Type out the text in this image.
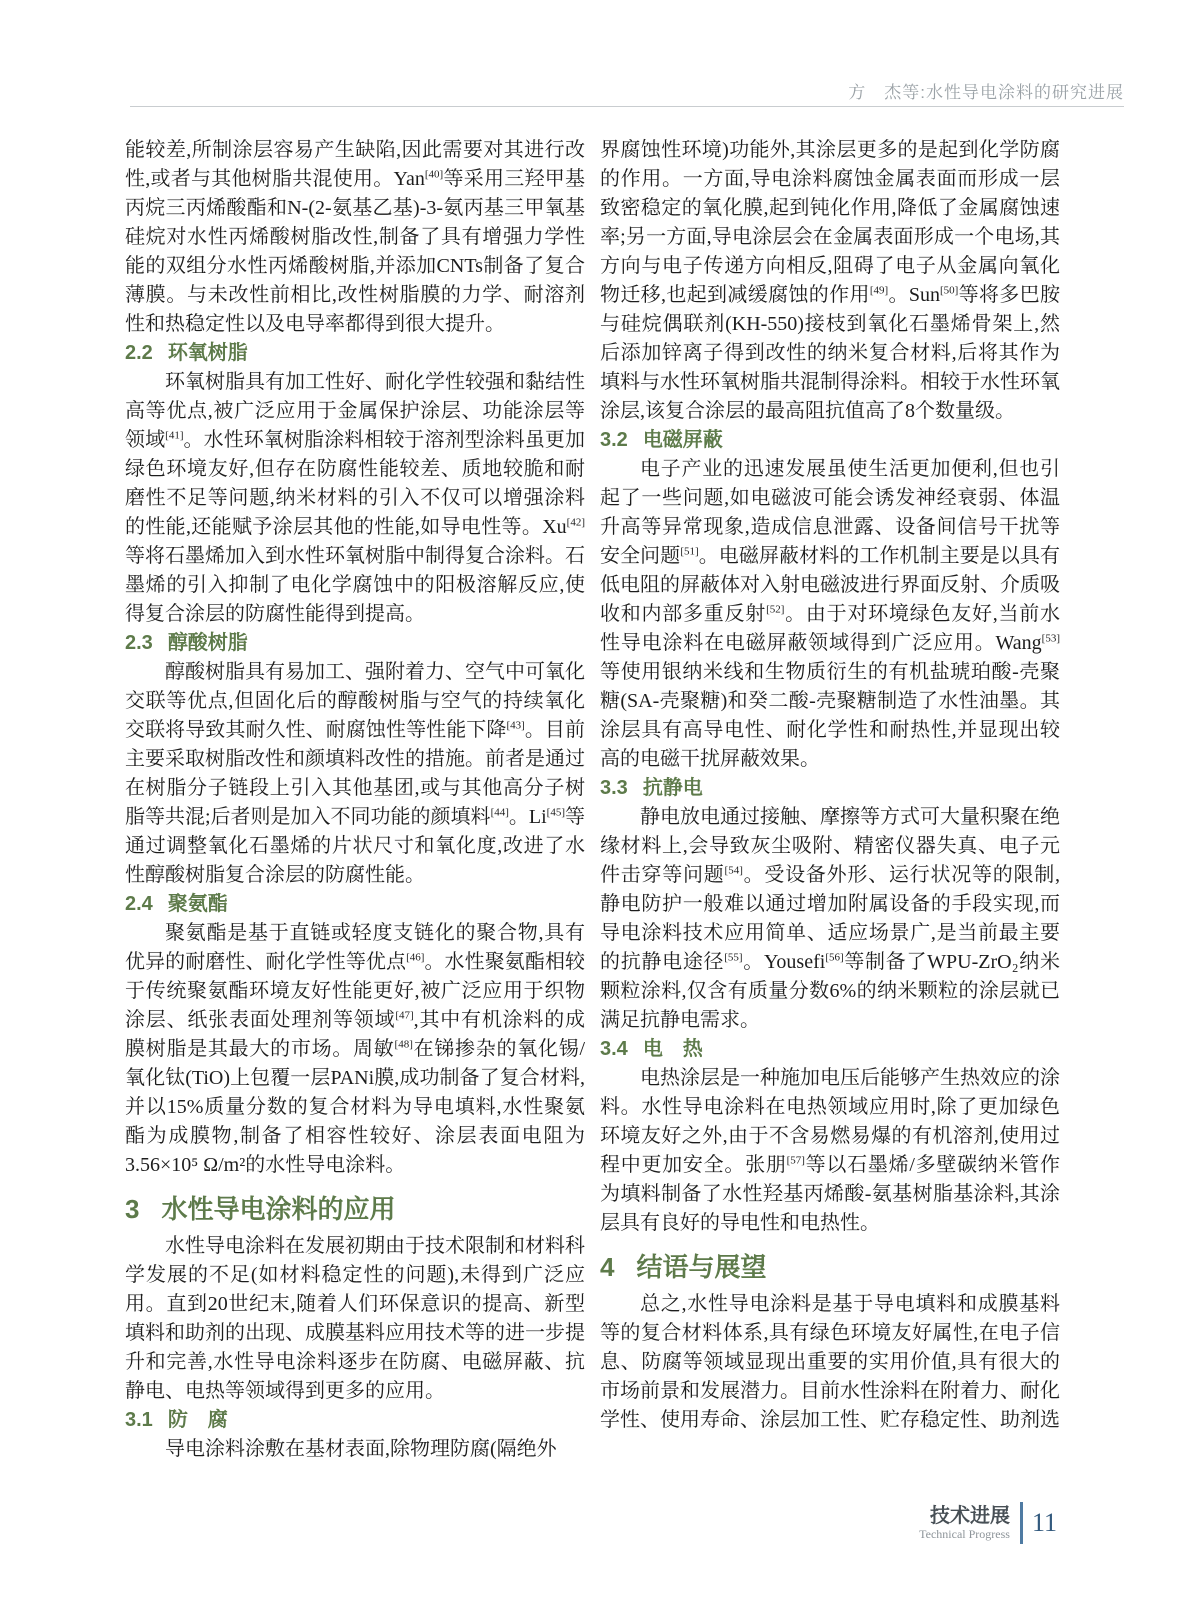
方　杰等:水性导电涂料的研究进展

能较差,所制涂层容易产生缺陷,因此需要对其进行改性,或者与其他树脂共混使用。Yan[40]等采用三羟甲基丙烷三丙烯酸酯和N-(2-氨基乙基)-3-氨丙基三甲氧基硅烷对水性丙烯酸树脂改性,制备了具有增强力学性能的双组分水性丙烯酸树脂,并添加CNTs制备了复合薄膜。与未改性前相比,改性树脂膜的力学、耐溶剂性和热稳定性以及电导率都得到很大提升。

2.2 环氧树脂

环氧树脂具有加工性好、耐化学性较强和黏结性高等优点,被广泛应用于金属保护涂层、功能涂层等领域[41]。水性环氧树脂涂料相较于溶剂型涂料虽更加绿色环境友好,但存在防腐性能较差、质地较脆和耐磨性不足等问题,纳米材料的引入不仅可以增强涂料的性能,还能赋予涂层其他的性能,如导电性等。Xu[42]等将石墨烯加入到水性环氧树脂中制得复合涂料。石墨烯的引入抑制了电化学腐蚀中的阳极溶解反应,使得复合涂层的防腐性能得到提高。

2.3 醇酸树脂

醇酸树脂具有易加工、强附着力、空气中可氧化交联等优点,但固化后的醇酸树脂与空气的持续氧化交联将导致其耐久性、耐腐蚀性等性能下降[43]。目前主要采取树脂改性和颜填料改性的措施。前者是通过在树脂分子链段上引入其他基团,或与其他高分子树脂等共混;后者则是加入不同功能的颜填料[44]。Li[45]等通过调整氧化石墨烯的片状尺寸和氧化度,改进了水性醇酸树脂复合涂层的防腐性能。

2.4 聚氨酯

聚氨酯是基于直链或轻度支链化的聚合物,具有优异的耐磨性、耐化学性等优点[46]。水性聚氨酯相较于传统聚氨酯环境友好性能更好,被广泛应用于织物涂层、纸张表面处理剂等领域[47],其中有机涂料的成膜树脂是其最大的市场。周敏[48]在锑掺杂的氧化锡/氧化钛(TiO)上包覆一层PANi膜,成功制备了复合材料,并以15%质量分数的复合材料为导电填料,水性聚氨酯为成膜物,制备了相容性较好、涂层表面电阻为3.56×10⁵ Ω/m²的水性导电涂料。

3 水性导电涂料的应用

水性导电涂料在发展初期由于技术限制和材料科学发展的不足(如材料稳定性的问题),未得到广泛应用。直到20世纪末,随着人们环保意识的提高、新型填料和助剂的出现、成膜基料应用技术等的进一步提升和完善,水性导电涂料逐步在防腐、电磁屏蔽、抗静电、电热等领域得到更多的应用。

3.1 防　腐

导电涂料涂敷在基材表面,除物理防腐(隔绝外

界腐蚀性环境)功能外,其涂层更多的是起到化学防腐的作用。一方面,导电涂料腐蚀金属表面而形成一层致密稳定的氧化膜,起到钝化作用,降低了金属腐蚀速率;另一方面,导电涂层会在金属表面形成一个电场,其方向与电子传递方向相反,阻碍了电子从金属向氧化物迁移,也起到减缓腐蚀的作用[49]。Sun[50]等将多巴胺与硅烷偶联剂(KH-550)接枝到氧化石墨烯骨架上,然后添加锌离子得到改性的纳米复合材料,后将其作为填料与水性环氧树脂共混制得涂料。相较于水性环氧涂层,该复合涂层的最高阻抗值高了8个数量级。

3.2 电磁屏蔽

电子产业的迅速发展虽使生活更加便利,但也引起了一些问题,如电磁波可能会诱发神经衰弱、体温升高等异常现象,造成信息泄露、设备间信号干扰等安全问题[51]。电磁屏蔽材料的工作机制主要是以具有低电阻的屏蔽体对入射电磁波进行界面反射、介质吸收和内部多重反射[52]。由于对环境绿色友好,当前水性导电涂料在电磁屏蔽领域得到广泛应用。Wang[53]等使用银纳米线和生物质衍生的有机盐琥珀酸-壳聚糖(SA-壳聚糖)和癸二酸-壳聚糖制造了水性油墨。其涂层具有高导电性、耐化学性和耐热性,并显现出较高的电磁干扰屏蔽效果。

3.3 抗静电

静电放电通过接触、摩擦等方式可大量积聚在绝缘材料上,会导致灰尘吸附、精密仪器失真、电子元件击穿等问题[54]。受设备外形、运行状况等的限制,静电防护一般难以通过增加附属设备的手段实现,而导电涂料技术应用简单、适应场景广,是当前最主要的抗静电途径[55]。Yousefi[56]等制备了WPU-ZrO₂纳米颗粒涂料,仅含有质量分数6%的纳米颗粒的涂层就已满足抗静电需求。

3.4 电　热

电热涂层是一种施加电压后能够产生热效应的涂料。水性导电涂料在电热领域应用时,除了更加绿色环境友好之外,由于不含易燃易爆的有机溶剂,使用过程中更加安全。张朋[57]等以石墨烯/多壁碳纳米管作为填料制备了水性羟基丙烯酸-氨基树脂基涂料,其涂层具有良好的导电性和电热性。

4 结语与展望

总之,水性导电涂料是基于导电填料和成膜基料等的复合材料体系,具有绿色环境友好属性,在电子信息、防腐等领域显现出重要的实用价值,具有很大的市场前景和发展潜力。目前水性涂料在附着力、耐化学性、使用寿命、涂层加工性、贮存稳定性、助剂选

技术进展
Technical Progress 11
